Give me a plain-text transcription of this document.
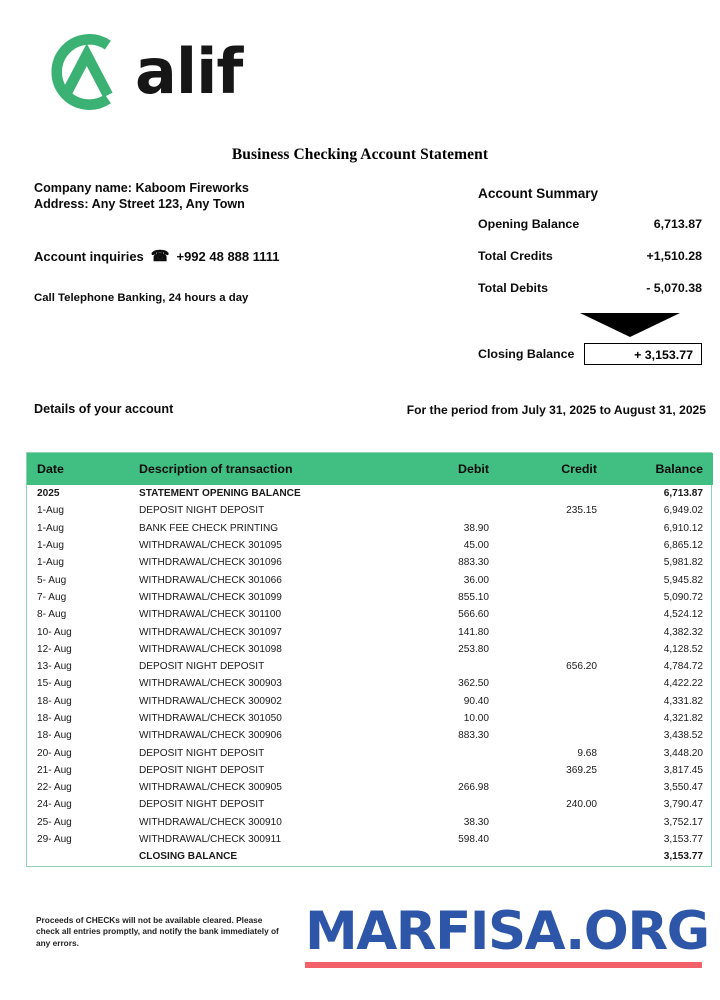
alif
Business Checking Account Statement
Company name: Kaboom Fireworks
Address: Any Street 123, Any Town
Account inquiries ☎ +992 48 888 1111
Call Telephone Banking, 24 hours a day
Account Summary
Opening Balance	6,713.87
Total Credits	+1,510.28
Total Debits	- 5,070.38
Closing Balance	+ 3,153.77
Details of your account	For the period from July 31, 2025 to August 31, 2025
Date	Description of transaction	Debit	Credit	Balance
2025	STATEMENT OPENING BALANCE			6,713.87
1-Aug	DEPOSIT NIGHT DEPOSIT		235.15	6,949.02
1-Aug	BANK FEE CHECK PRINTING	38.90		6,910.12
1-Aug	WITHDRAWAL/CHECK 301095	45.00		6,865.12
1-Aug	WITHDRAWAL/CHECK 301096	883.30		5,981.82
5- Aug	WITHDRAWAL/CHECK 301066	36.00		5,945.82
7- Aug	WITHDRAWAL/CHECK 301099	855.10		5,090.72
8- Aug	WITHDRAWAL/CHECK 301100	566.60		4,524.12
10- Aug	WITHDRAWAL/CHECK 301097	141.80		4,382.32
12- Aug	WITHDRAWAL/CHECK 301098	253.80		4,128.52
13- Aug	DEPOSIT NIGHT DEPOSIT		656.20	4,784.72
15- Aug	WITHDRAWAL/CHECK 300903	362.50		4,422.22
18- Aug	WITHDRAWAL/CHECK 300902	90.40		4,331.82
18- Aug	WITHDRAWAL/CHECK 301050	10.00		4,321.82
18- Aug	WITHDRAWAL/CHECK 300906	883.30		3,438.52
20- Aug	DEPOSIT NIGHT DEPOSIT		9.68	3,448.20
21- Aug	DEPOSIT NIGHT DEPOSIT		369.25	3,817.45
22- Aug	WITHDRAWAL/CHECK 300905	266.98		3,550.47
24- Aug	DEPOSIT NIGHT DEPOSIT		240.00	3,790.47
25- Aug	WITHDRAWAL/CHECK 300910	38.30		3,752.17
29- Aug	WITHDRAWAL/CHECK 300911	598.40		3,153.77
	CLOSING BALANCE			3,153.77
Proceeds of CHECKs will not be available cleared. Please check all entries promptly, and notify the bank immediately of any errors.	MARFISA.ORG
